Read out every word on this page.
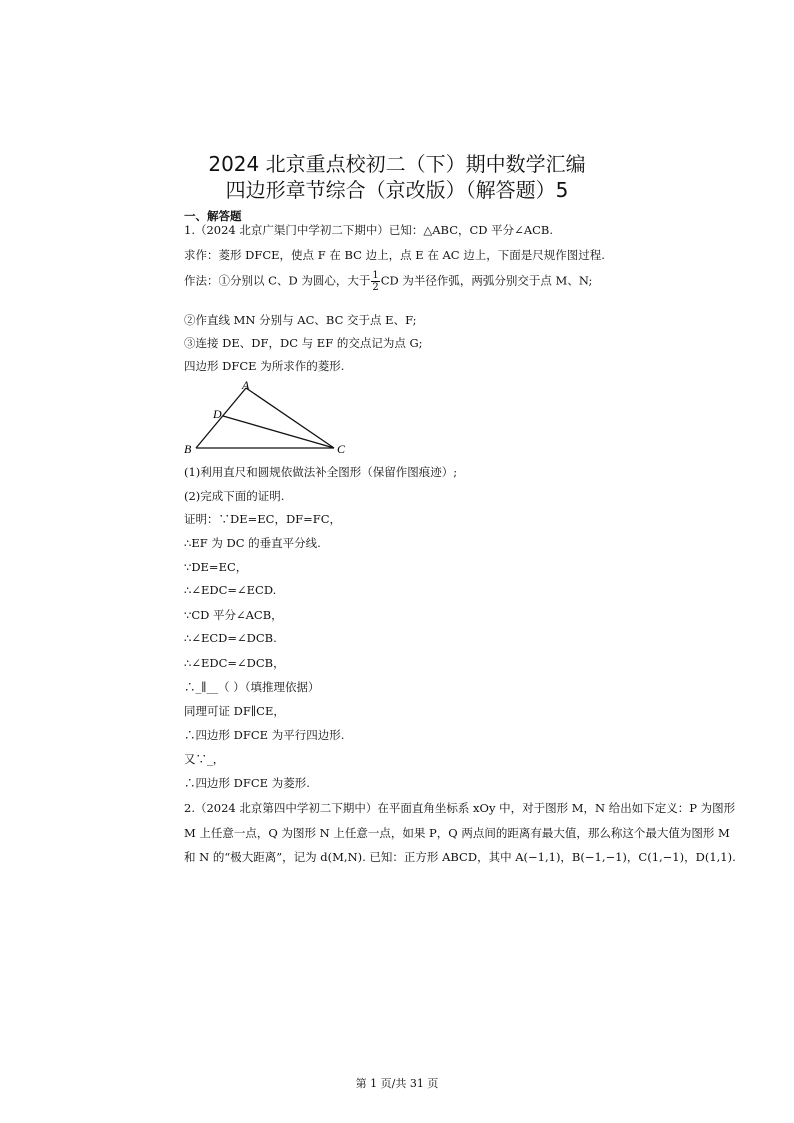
2024 北京重点校初二（下）期中数学汇编
四边形章节综合（京改版）（解答题）5
一、解答题
1.（2024 北京广渠门中学初二下期中）已知：△ABC，CD 平分∠ACB.
求作：菱形 DFCE，使点 F 在 BC 边上，点 E 在 AC 边上，下面是尺规作图过程.
作法：①分别以 C、D 为圆心，大于 $\frac{1}{2}$ CD 为半径作弧，两弧分别交于点 M、N;
②作直线 MN 分别与 AC、BC 交于点 E、F;
③连接 DE、DF，DC 与 EF 的交点记为点 G;
四边形 DFCE 为所求作的菱形.
A
D
B	C
(1)利用直尺和圆规依做法补全图形（保留作图痕迹）;
(2)完成下面的证明.
证明：∵DE=EC，DF=FC，
∴EF 为 DC 的垂直平分线.
∵DE=EC，
∴∠EDC=∠ECD.
∵CD 平分∠ACB，
∴∠ECD=∠DCB.
∴∠EDC=∠DCB，
∴_∥__（ ）（填推理依据）
同理可证 DF∥CE，
∴四边形 DFCE 为平行四边形.
又∵_，
∴四边形 DFCE 为菱形.
2.（2024 北京第四中学初二下期中）在平面直角坐标系 xOy 中，对于图形 M，N 给出如下定义：P 为图形
M 上任意一点，Q 为图形 N 上任意一点，如果 P，Q 两点间的距离有最大值，那么称这个最大值为图形 M
和 N 的“极大距离”，记为 d(M,N). 已知：正方形 ABCD，其中 A(−1,1)，B(−1,−1)，C(1,−1)，D(1,1).
第 1 页/共 31 页
